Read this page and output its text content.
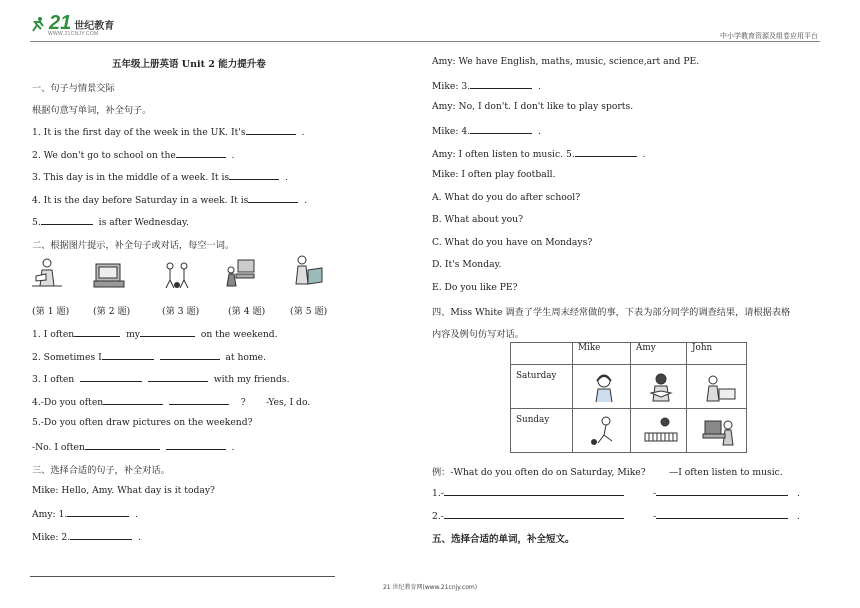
21 世纪教育
WWW.21CNJY.COM	中小学教育资源及组卷应用平台
五年级上册英语 Unit 2 能力提升卷
一、句子与情景交际
根据句意写单词，补全句子。
1. It is the first day of the week in the UK. It's	.
2. We don't go to school on the	.
3. This day is in the middle of a week. It is	.
4. It is the day before Saturday in a week. It is	.
5.	is after Wednesday.
二、根据图片提示，补全句子或对话，每空一词。
(第 1 题)	(第 2 题)	(第 3 题)	(第 4 题)	(第 5 题)
1. I often	my	on the weekend.
2. Sometimes I	at home.
3. I often	with my friends.
4.-Do you often	? -Yes, I do.
5.-Do you often draw pictures on the weekend?
-No. I often	.
三、选择合适的句子，补全对话。
Mike: Hello, Amy. What day is it today?
Amy: 1.	.
Mike: 2.	.
Amy: We have English, maths, music, science,art and PE.
Mike: 3.	.
Amy: No, I don't. I don't like to play sports.
Mike: 4.	.
Amy: I often listen to music. 5.	.
Mike: I often play football.
A. What do you do after school?
B. What about you?
C. What do you have on Mondays?
D. It's Monday.
E. Do you like PE?
四、Miss White 调查了学生周末经常做的事，下表为部分同学的调查结果，请根据表格
内容及例句仿写对话。
	Mike	Amy	John
Saturday	

Sunday	

例：-What do you often do on Saturday, Mike?	—I often listen to music.
1.-	-	.
2.-	-	.
五、选择合适的单词，补全短文。
21 世纪教育网(www.21cnjy.com)
